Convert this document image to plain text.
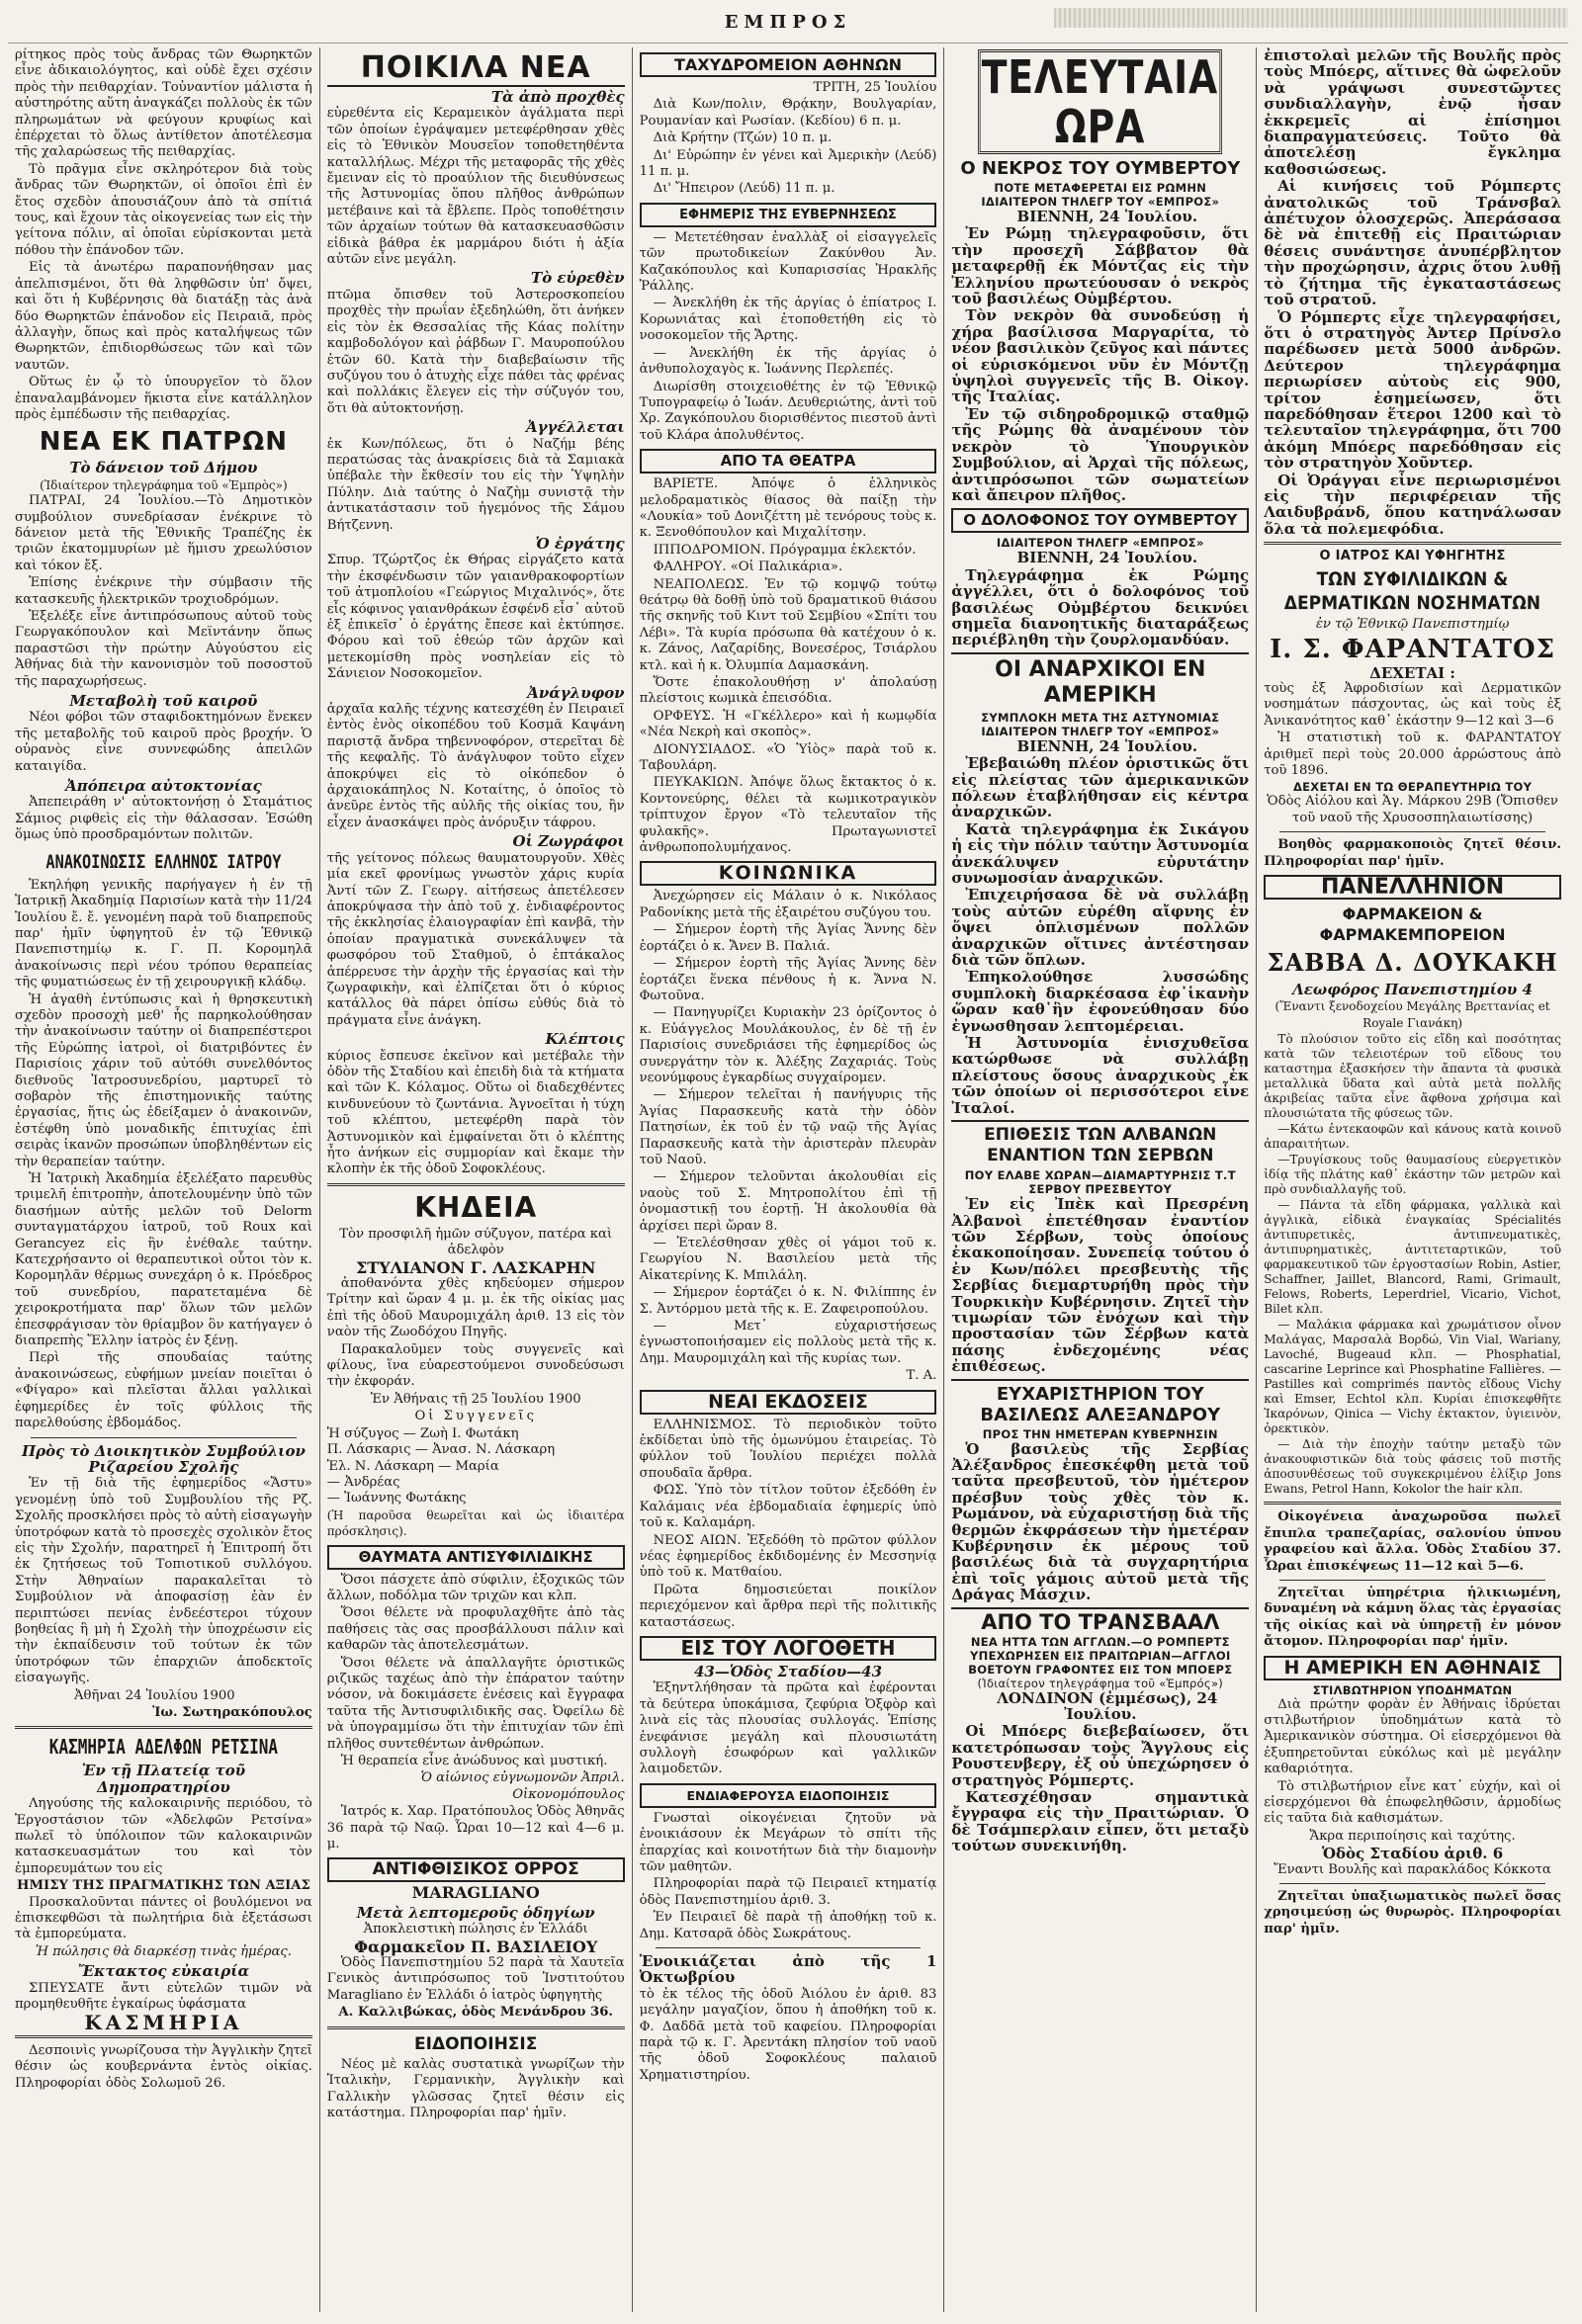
ΕΜΠΡΟΣ

ρίτηκος πρὸς τοὺς ἄνδρας τῶν Θωρηκτῶν εἶνε ἀδικαιολόγητος, καὶ οὐδὲ ἔχει σχέσιν πρὸς τὴν πειθαρχίαν. Τοὐναντίον μάλιστα ἡ αὐστηρότης αὕτη ἀναγκάζει πολλοὺς ἐκ τῶν πληρωμάτων νὰ φεύγουν κρυφίως καὶ ἐπέρχεται τὸ ὅλως ἀντίθετον ἀποτέλεσμα τῆς χαλαρώσεως τῆς πειθαρχίας.

Τὸ πρᾶγμα εἶνε σκληρότερον διὰ τοὺς ἄνδρας τῶν Θωρηκτῶν, οἱ ὁποῖοι ἐπὶ ἐν ἔτος σχεδὸν ἀπουσιάζουν ἀπὸ τὰ σπίτιά τους, καὶ ἔχουν τὰς οἰκογενείας των εἰς τὴν γείτονα πόλιν, αἱ ὁποῖαι εὑρίσκονται μετὰ πόθου τὴν ἐπάνοδον τῶν.

Εἰς τὰ ἀνωτέρω παραπονήθησαν μας ἀπελπισμένοι, ὅτι θὰ ληφθῶσιν ὑπ' ὄψει, καὶ ὅτι ἡ Κυβέρνησις θὰ διατάξῃ τὰς ἀνὰ δύο Θωρηκτῶν ἐπάνοδον εἰς Πειραιᾶ, πρὸς ἀλλαγὴν, ὅπως καὶ πρὸς καταλήψεως τῶν Θωρηκτῶν, ἐπιδιορθώσεως τῶν καὶ τῶν ναυτῶν.

Οὕτως ἐν ᾧ τὸ ὑπουργεῖον τὸ ὅλον ἐπαναλαμβάνομεν ἥκιστα εἶνε κατάλληλον πρὸς ἐμπέδωσιν τῆς πειθαρχίας.

ΝΕΑ ΕΚ ΠΑΤΡΩΝ
Τὸ δάνειον τοῦ Δήμου
(Ἰδιαίτερον τηλεγράφημα τοῦ «Ἐμπρὸς»)

ΠΑΤΡΑΙ, 24 Ἰουλίου.—Τὸ Δημοτικὸν συμβούλιον συνεδρίασαν ἐνέκρινε τὸ δάνειον μετὰ τῆς Ἐθνικῆς Τραπέζης ἐκ τριῶν ἑκατομμυρίων μὲ ἥμισυ χρεωλύσιον καὶ τόκον ἔξ.

Ἐπίσης ἐνέκρινε τὴν σύμβασιν τῆς κατασκευῆς ἠλεκτρικῶν τροχιοδρόμων.

Ἐξελέξε εἶνε ἀντιπρόσωπους αὐτοῦ τοὺς Γεωργακόπουλον καὶ Μεϊντάνην ὅπως παραστῶσι τὴν πρώτην Αὐγούστου εἰς Ἀθήνας διὰ τὴν κανονισμὸν τοῦ ποσοστοῦ τῆς παραχωρήσεως.

Μεταβολὴ τοῦ καιροῦ

Νέοι φόβοι τῶν σταφιδοκτημόνων ἕνεκεν τῆς μεταβολῆς τοῦ καιροῦ πρὸς βροχήν. Ὁ οὐρανὸς εἶνε συννεφώδης ἀπειλῶν καταιγίδα.

Ἀπόπειρα αὐτοκτονίας

Ἀπεπειράθη ν' αὐτοκτονήσῃ ὁ Σταμάτιος Σάμιος ριφθεὶς εἰς τὴν θάλασσαν. Ἐσώθη ὅμως ὑπὸ προσδραμόντων πολιτῶν.

ΑΝΑΚΟΙΝΩΣΙΣ ΕΛΛΗΝΟΣ ΙΑΤΡΟΥ

Ἐκηλήφη γενικῆς παρήγαγεν ἡ ἐν τῇ Ἰατρικῇ Ἀκαδημίᾳ Παρισίων κατὰ τὴν 11/24 Ἰουλίου ἔ. ἔ. γενομένη παρὰ τοῦ διαπρεποῦς παρ' ἡμῖν ὑφηγητοῦ ἐν τῷ Ἐθνικῷ Πανεπιστημίῳ κ. Γ. Π. Κορομηλᾶ ἀνακοίνωσις περὶ νέου τρόπου θεραπείας τῆς φυματιώσεως ἐν τῇ χειρουργικῇ κλάδῳ.

Ἡ ἀγαθὴ ἐντύπωσις καὶ ἡ θρησκευτικὴ σχεδὸν προσοχὴ μεθ' ἧς παρηκολούθησαν τὴν ἀνακοίνωσιν ταύτην οἱ διαπρεπέστεροι τῆς Εὐρώπης ἰατροὶ, οἱ διατριβόντες ἐν Παρισίοις χάριν τοῦ αὐτόθι συνελθόντος διεθνοῦς Ἰατροσυνεδρίου, μαρτυρεῖ τὸ σοβαρὸν τῆς ἐπιστημονικῆς ταύτης ἐργασίας, ἥτις ὡς ἐδείξαμεν ὁ ἀνακοινῶν, ἐστέφθη ὑπὸ μοναδικῆς ἐπιτυχίας ἐπὶ σειρὰς ἱκανῶν προσώπων ὑποβληθέντων εἰς τὴν θεραπείαν ταύτην.

Ἡ Ἰατρικὴ Ἀκαδημία ἐξελέξατο παρευθὺς τριμελῆ ἐπιτροπὴν, ἀποτελουμένην ὑπὸ τῶν διασήμων αὐτῆς μελῶν τοῦ Delorm συνταγματάρχου ἰατροῦ, τοῦ Roux καὶ Gerancyez εἰς ἣν ἐνέθαλε ταύτην. Κατεχρήσαντο οἱ θεραπευτικοὶ οὗτοι τὸν κ. Κορομηλᾶν θέρμως συνεχάρη ὁ κ. Πρόεδρος τοῦ συνεδρίου, παρατεταμένα δὲ χειροκροτήματα παρ' ὅλων τῶν μελῶν ἐπεσφράγισαν τὸν θρίαμβον ὃν κατήγαγεν ὁ διαπρεπὴς Ἕλλην ἰατρὸς ἐν ξένῃ.

Περὶ τῆς σπουδαίας ταύτης ἀνακοινώσεως, εὐφήμων μνείαν ποιεῖται ὁ «Φίγαρο» καὶ πλεῖσται ἄλλαι γαλλικαὶ ἐφημερίδες ἐν τοῖς φύλλοις τῆς παρελθούσης ἑβδομάδος.

Πρὸς τὸ Διοικητικὸν Συμβούλιον Ριζαρείου Σχολῆς

Ἐν τῇ διὰ τῆς ἐφημερίδος «Ἄστυ» γενομένῃ ὑπὸ τοῦ Συμβουλίου τῆς Ρζ. Σχολῆς προσκλήσει πρὸς τὸ αὐτὴ εἰσαγωγὴν ὑποτρόφων κατὰ τὸ προσεχὲς σχολικὸν ἔτος εἰς τὴν Σχολήν, παρατηρεῖ ἡ Ἐπιτροπή ὅτι ἐκ ζητήσεως τοῦ Τοπιοτικοῦ συλλόγου. Στὴν Ἀθηναίων παρακαλεῖται τὸ Συμβούλιον νὰ ἀποφασίσῃ ἐὰν ἐν περιπτώσει πενίας ἐνδεέστεροι τύχουν βοηθείας ἢ μὴ ἡ Σχολὴ τὴν ὑποχρέωσιν εἰς τὴν ἐκπαίδευσιν τοῦ τούτων ἐκ τῶν ὑποτρόφων τῶν ἐπαρχιῶν ἀποδεκτοῖς εἰσαγωγῆς.

Ἀθῆναι 24 Ἰουλίου 1900

Ἰω. Σωτηρακόπουλος

ΚΑΣΜΗΡΙΑ ΑΔΕΛΦΩΝ ΡΕΤΣΙΝΑ
Ἐν τῇ Πλατείᾳ τοῦ Δημοπρατηρίου

Ληγούσης τῆς καλοκαιρινῆς περιόδου, τὸ Ἐργοστάσιον τῶν «Ἀδελφῶν Ρετσίνα» πωλεῖ τὸ ὑπόλοιπον τῶν καλοκαιρινῶν κατασκευασμάτων του καὶ τὸν ἐμπορευμάτων του εἰς

ΗΜΙΣΥ ΤΗΣ ΠΡΑΓΜΑΤΙΚΗΣ ΤΩΝ ΑΞΙΑΣ

Προσκαλοῦνται πάντες οἱ βουλόμενοι να ἐπισκεφθῶσι τὰ πωλητήρια διὰ ἐξετάσωσι τὰ ἐμπορεύματα.

Ἡ πώλησις θὰ διαρκέσῃ τινὰς ἡμέρας.

Ἔκτακτος εὐκαιρία

ΣΠΕΥΣΑΤΕ ἄντι εὐτελῶν τιμῶν νὰ προμηθευθῆτε ἐγκαίρως ὑφάσματα

ΚΑΣΜΗΡΙΑ

Δεσποινὶς γνωρίζουσα τὴν Ἀγγλικὴν ζητεῖ θέσιν ὡς κουβερνάντα ἐντὸς οἰκίας. Πληροφορίαι ὁδὸς Σολωμοῦ 26.

ΠΟΙΚΙΛΑ ΝΕΑ
Τὰ ἀπὸ προχθὲς

εὑρεθέντα εἰς Κεραμεικὸν ἀγάλματα περὶ τῶν ὁποίων ἐγράψαμεν μετεφέρθησαν χθὲς εἰς τὸ Ἐθνικὸν Μουσεῖον τοποθετηθέντα καταλλήλως. Μέχρι τῆς μεταφορᾶς τῆς χθὲς ἔμειναν εἰς τὸ προαύλιον τῆς διευθύνσεως τῆς Ἀστυνομίας ὅπου πλῆθος ἀνθρώπων μετέβαινε καὶ τὰ ἔβλεπε. Πρὸς τοποθέτησιν τῶν ἀρχαίων τούτων θὰ κατασκευασθῶσιν εἰδικὰ βάθρα ἐκ μαρμάρου διότι ἡ ἀξία αὐτῶν εἶνε μεγάλη.

Τὸ εὑρεθὲν

πτῶμα ὄπισθεν τοῦ Ἀστεροσκοπείου προχθὲς τὴν πρωΐαν ἐξεδηλώθη, ὅτι ἀνήκεν εἰς τὸν ἐκ Θεσσαλίας τῆς Κάας πολίτην καμβοδολόγον καὶ ῥάβδων Γ. Μαυροπούλου ἐτῶν 60. Κατὰ τὴν διαβεβαίωσιν τῆς συζύγου του ὁ ἀτυχὴς εἶχε πάθει τὰς φρένας καὶ πολλάκις ἔλεγεν εἰς τὴν σύζυγόν του, ὅτι θὰ αὐτοκτονήσῃ.

Ἀγγέλλεται

ἐκ Κων/πόλεως, ὅτι ὁ Ναζήμ βέης περατώσας τὰς ἀνακρίσεις διὰ τὰ Σαμιακὰ ὑπέβαλε τὴν ἔκθεσίν του εἰς τὴν Ὑψηλὴν Πύλην. Διὰ ταύτης ὁ Ναζὴμ συνιστᾷ τὴν ἀντικατάστασιν τοῦ ἡγεμόνος τῆς Σάμου Βήτζεννη.

Ὁ ἐργάτης

Σπυρ. Τζώρτζος ἐκ Θήρας εἰργάζετο κατὰ τὴν ἐκσφένδωσιν τῶν γαιανθρακοφορτίων τοῦ ἀτμοπλοίου «Γεώργιος Μιχαλινός», ὅτε εἶς κόφινος γαιανθράκων ἐσφένδ εἶσ᾽ αὐτοῦ ἐξ ἐπικεῖσ᾽ ὁ ἐργάτης ἔπεσε καὶ ἐκτύπησε. Φόρου καὶ τοῦ ἐθεώρ τῶν ἀρχῶν καὶ μετεκομίσθη πρὸς νοσηλείαν εἰς τὸ Σάνιειον Νοσοκομεῖον.

Ἀνάγλυφον

ἀρχαῖα καλῆς τέχνης κατεσχέθη ἐν Πειραιεῖ ἐντὸς ἑνὸς οἰκοπέδου τοῦ Κοσμᾶ Καψάνη παριστᾷ ἄνδρα τηβεννοφόρον, στερεῖται δὲ τῆς κεφαλῆς. Τὸ ἀνάγλυφον τοῦτο εἶχεν ἀποκρύψει εἰς τὸ οἰκόπεδον ὁ ἀρχαιοκάπηλος Ν. Κοταίτης, ὁ ὁποῖος τὸ ἀνεῦρε ἐντὸς τῆς αὐλῆς τῆς οἰκίας του, ἢν εἶχεν ἀνασκάψει πρὸς ἀνόρυξιν τάφρου.

Οἱ Ζωγράφοι

τῆς γείτονος πόλεως θαυματουργοῦν. Χθὲς μία εκεῖ φρονίμως γνωστὸν χάρις κυρία Ἀντί τῶν Ζ. Γεωργ. αἰτήσεως ἀπετέλεσεν ἀποκρύψασα τὴν ἀπὸ τοῦ χ. ἐνδιαφέροντος τῆς ἐκκλησίας ἐλαιογραφίαν ἐπὶ κανβᾶ, τὴν ὁποίαν πραγματικὰ συνεκάλυψεν τὰ φωσφόρου τοῦ Σταθμοῦ, ὁ ἐπτάκαλος ἀπέρρευσε τὴν ἀρχὴν τῆς ἐργασίας καὶ τὴν ζωγραφικὴν, καὶ ἐλπίζεται ὅτι ὁ κύριος κατάλλος θὰ πάρει ὀπίσω εὐθύς διὰ τὸ πράγματα εἶνε ἀνάγκη.

Κλέπτοις

κύριος ἔσπευσε ἐκεῖνον καὶ μετέβαλε τὴν ὁδὸν τῆς Σταδίου καὶ ἐπειδὴ διὰ τὰ κτήματα καὶ τῶν Κ. Κόλαμος. Οὕτω οἱ διαδεχθέντες κινδυνεύουν τὸ ζωντάνια. Ἀγνοεῖται ἡ τύχη τοῦ κλέπτου, μετεφέρθη παρὰ τὸν Ἀστυνομικὸν καὶ ἐμφαίνεται ὅτι ὁ κλέπτης ἦτο ἀνήκων εἰς συμμορίαν καὶ ἔκαμε τὴν κλοπὴν ἐκ τῆς ὁδοῦ Σοφοκλέους.

ΚΗΔΕΙΑ

Τὸν προσφιλῆ ἡμῶν σύζυγον, πατέρα καὶ ἀδελφὸν

ΣΤΥΛΙΑΝΟΝ Γ. ΛΑΣΚΑΡΗΝ

ἀποθανόντα χθὲς κηδεύομεν σήμερον Τρίτην καὶ ὥραν 4 μ. μ. ἐκ τῆς οἰκίας μας ἐπὶ τῆς ὁδοῦ Μαυρομιχάλη ἀριθ. 13 εἰς τὸν ναὸν τῆς Ζωοδόχου Πηγῆς.

Παρακαλοῦμεν τοὺς συγγενεῖς καὶ φίλους, ἵνα εὐαρεστούμενοι συνοδεύσωσι τὴν ἐκφοράν.

Ἐν Ἀθήναις τῇ 25 Ἰουλίου 1900

Οἱ Συγγενεῖς

Ἡ σύζυγος — Ζωὴ Ι. Φωτάκη
Π. Λάσκαρις — Ἀνασ. Ν. Λάσκαρη
Ἐλ. Ν. Λάσκαρη — Μαρία
— Ἀνδρέας
— Ἰωάννης Φωτάκης

(Ἡ παροῦσα θεωρεῖται καὶ ὡς ἰδιαιτέρα πρόσκλησις).

ΘΑΥΜΑΤΑ ΑΝΤΙΣΥΦΙΛΙΔΙΚΗΣ

Ὅσοι πάσχετε ἀπὸ σύφιλιν, ἐξοχικῶς τῶν ἄλλων, ποδόλμα τῶν τριχῶν και κλπ.

Ὅσοι θέλετε νὰ προφυλαχθῆτε ἀπὸ τὰς παθήσεις τὰς σας προσβάλλουσι πάλιν καὶ καθαρῶν τὰς ἀποτελεσμάτων.

Ὅσοι θέλετε νὰ ἀπαλλαγῆτε ὁριστικῶς ριζικῶς ταχέως ἀπὸ τὴν ἐπάρατον ταύτην νόσον, νὰ δοκιμάσετε ἐνέσεις καὶ ἔγγραφα ταῦτα τῆς Ἀντισυφιλιδικῆς σας. Ὀφείλω δὲ νὰ ὑπογραμμίσω ὅτι τὴν ἐπιτυχίαν τῶν ἐπὶ πλῆθος συντεθέντων ἀνθρώπων.

Ἡ θεραπεία εἶνε ἀνώδυνος καὶ μυστική.

Ὁ αἰώνιος εὐγνωμονῶν Ἀπριλ. Οἰκονομόπουλος

Ἰατρός κ. Χαρ. Πρατόπουλος Ὁδὸς Ἀθηνᾶς 36 παρὰ τῷ Ναῷ. Ὧραι 10—12 καὶ 4—6 μ. μ.

ΑΝΤΙΦΘΙΣΙΚΟΣ ΟΡΡΟΣ
MARAGLIANO
Μετὰ λεπτομεροῦς ὁδηγίων

Ἀποκλειστικὴ πώλησις ἐν Ἑλλάδι

Φαρμακεῖον Π. ΒΑΣΙΛΕΙΟΥ

Ὁδὸς Πανεπιστημίου 52 παρὰ τὰ Χαυτεῖα Γενικὸς ἀντιπρόσωπος τοῦ Ἰνστιτούτου Maragliano ἐν Ἑλλάδι ὁ ἰατρὸς ὑφηγητὴς

Α. Καλλιβώκας, ὁδὸς Μενάνδρου 36.
ΕΙΔΟΠΟΙΗΣΙΣ

Νέος μὲ καλὰς συστατικὰ γνωρίζων τὴν Ἰταλικὴν, Γερμανικὴν, Ἀγγλικὴν καὶ Γαλλικὴν γλῶσσας ζητεῖ θέσιν εἰς κατάστημα. Πληροφορίαι παρ' ἡμῖν.

ΤΑΧΥΔΡΟΜΕΙΟΝ ΑΘΗΝΩΝ

ΤΡΙΤΗ, 25 Ἰουλίου

Διὰ Κων/πολιν, Θρᾴκην, Βουλγαρίαν, Ρουμανίαν καὶ Ρωσίαν. (Κεδίου) 6 π. μ.

Διὰ Κρήτην (Τζών) 10 π. μ.

Δι' Εὐρώπην ἐν γένει καὶ Ἀμερικὴν (Λεύδ) 11 π. μ.

Δι' Ἤπειρον (Λεύδ) 11 π. μ.

ΕΦΗΜΕΡΙΣ ΤΗΣ ΕΥΒΕΡΝΗΣΕΩΣ

— Μετετέθησαν ἐναλλὰξ οἱ εἰσαγγελεῖς τῶν πρωτοδικείων Ζακύνθου Ἀν. Καζακόπουλος καὶ Κυπαρισσίας Ἠρακλῆς Ῥάλλης.

— Ἀνεκλήθη ἐκ τῆς ἀργίας ὁ ἐπίατρος Ι. Κορωνιάτας καὶ ἐτοποθετήθη εἰς τὸ νοσοκομεῖον τῆς Ἄρτης.

— Ἀνεκλήθη ἐκ τῆς ἀργίας ὁ ἀνθυπολοχαγὸς κ. Ἰωάννης Περλεπές.

Διωρίσθη στοιχειοθέτης ἐν τῷ Ἐθνικῷ Τυπογραφείῳ ὁ Ἰωάν. Δευθεριώτης, ἀντὶ τοῦ Χρ. Ζαγκόπουλου διορισθέντος πιεστοῦ ἀντὶ τοῦ Κλάρα ἀπολυθέντος.

ΑΠΟ ΤΑ ΘΕΑΤΡΑ

ΒΑΡΙΕΤΕ. Ἀπόψε ὁ ἑλληνικὸς μελοδραματικὸς θίασος θὰ παίξῃ τὴν «Λουκία» τοῦ Δονιζέττη μὲ τενόρους τοὺς κ. κ. Ξενοθόπουλον καὶ Μιχαλίτσην.

ΙΠΠΟΔΡΟΜΙΟΝ. Πρόγραμμα ἐκλεκτόν.

ΦΑΛΗΡΟΥ. «Οἱ Παλικάρια».

ΝΕΑΠΟΛΕΩΣ. Ἐν τῷ κομψῷ τούτῳ θεάτρῳ θὰ δοθῇ ὑπὸ τοῦ δραματικοῦ θιάσου τῆς σκηνῆς τοῦ Κιντ τοῦ Σεμβίου «Σπίτι του Λέβι». Τὰ κυρία πρόσωπα θὰ κατέχουν ὁ κ. κ. Ζάνος, Λαζαρίδης, Βονεσέρος, Τσιάρλου κτλ. καὶ ἡ κ. Ὀλυμπία Δαμασκάνη.

Ὅστε ἐπακολουθήσῃ ν' ἀπολαύσῃ πλείστοις κωμικὰ ἐπεισόδια.

ΟΡΦΕΥΣ. Ἡ «Γκέλλερο» καὶ ἡ κωμῳδία «Νέα Νεκρὴ καὶ σκοπὸς».

ΔΙΟΝΥΣΙΑΔΟΣ. «Ὁ Ὑἰὸς» παρὰ τοῦ κ. Ταβουλάρη.

ΠΕΥΚΑΚΙΩΝ. Ἀπόψε ὅλως ἔκτακτος ὁ κ. Κοντονεύρης, θέλει τὰ κωμικοτραγικὸν τρίπτυχον ἔργον «Τὸ τελευταῖον τῆς φυλακῆς». Πρωταγωνιστεῖ ἀνθρωποπολυμήχανος.

ΚΟΙΝΩΝΙΚΑ

Ἀνεχώρησεν εἰς Μάλαιν ὁ κ. Νικόλαος Ραδονίκης μετὰ τῆς ἐξαιρέτου συζύγου του.

— Σήμερον ἑορτὴ τῆς Ἁγίας Ἄννης δὲν ἑορτάζει ὁ κ. Ἄνεν Β. Παλιά.

— Σήμερον ἑορτὴ τῆς Ἁγίας Ἄννης δὲν ἑορτάζει ἕνεκα πένθους ἡ κ. Ἄννα Ν. Φωτοῦνα.

— Πανηγυρίζει Κυριακὴν 23 ὁρίζοντος ὁ κ. Εὐάγγελος Μουλάκουλος, ἐν δὲ τῇ ἐν Παρισίοις συνεδριάσει τῆς ἐφημερίδος ὡς συνεργάτην τὸν κ. Ἀλέξης Ζαχαριάς. Τοὺς νεονύμφους ἐγκαρδίως συγχαίρομεν.

— Σήμερον τελεῖται ἡ πανήγυρις τῆς Ἁγίας Παρασκευῆς κατὰ τὴν ὁδὸν Πατησίων, ἐκ τοῦ ἐν τῷ ναῷ τῆς Ἁγίας Παρασκευῆς κατὰ τὴν ἀριστερὰν πλευρὰν τοῦ Ναοῦ.

— Σήμερον τελοῦνται ἀκολουθίαι εἰς ναοὺς τοῦ Σ. Μητροπολίτου ἐπὶ τῇ ὀνομαστικῇ του ἑορτῇ. Ἡ ἀκολουθία θὰ ἀρχίσει περὶ ὥραν 8.

— Ἐτελέσθησαν χθὲς οἱ γάμοι τοῦ κ. Γεωργίου Ν. Βασιλείου μετὰ τῆς Αἰκατερίνης Κ. Μπιλάλη.

— Σήμερον ἑορτάζει ὁ κ. Ν. Φιλίππης ἐν Σ. Ἀντόρμου μετὰ τῆς κ. Ε. Ζαφειροπούλου.

— Μετ᾽ εὐχαριστήσεως ἐγνωστοποιήσαμεν εἰς πολλοὺς μετὰ τῆς κ. Δημ. Μαυρομιχάλη καὶ τῆς κυρίας των.

Τ. Α.

ΝΕΑΙ ΕΚΔΟΣΕΙΣ

ΕΛΛΗΝΙΣΜΟΣ. Τὸ περιοδικὸν τοῦτο ἐκδίδεται ὑπὸ τῆς ὁμωνύμου ἑταιρείας. Τὸ φύλλον τοῦ Ἰουλίου περιέχει πολλὰ σπουδαῖα ἄρθρα.

ΦΩΣ. Ὑπὸ τὸν τίτλον τοῦτον ἐξεδόθη ἐν Καλάμαις νέα ἑβδομαδιαία ἐφημερίς ὑπὸ τοῦ κ. Καλαμάρη.

ΝΕΟΣ ΑΙΩΝ. Ἐξεδόθη τὸ πρῶτον φύλλον νέας ἐφημερίδος ἐκδιδομένης ἐν Μεσσηνίᾳ ὑπὸ τοῦ κ. Ματθαίου.

Πρῶτα δημοσιεύεται ποικίλον περιεχόμενον καὶ ἄρθρα περὶ τῆς πολιτικῆς καταστάσεως.

ΕΙΣ ΤΟΥ ΛΟΓΟΘΕΤΗ
43—Ὁδὸς Σταδίου—43

Ἐξηντλήθησαν τὰ πρῶτα καὶ ἐφέρονται τὰ δεύτερα ὑποκάμισα, ζεφύρια Ὀξφὸρ καὶ λινὰ εἰς τὰς πλουσίας συλλογάς. Ἐπίσης ἐνεφάνισε μεγάλη καὶ πλουσιωτάτη συλλογὴ ἐσωφόρων καὶ γαλλικῶν λαιμοδετῶν.

ΕΝΔΙΑΦΕΡΟΥΣΑ ΕΙΔΟΠΟΙΗΣΙΣ

Γνωσταὶ οἰκογένειαι ζητοῦν νὰ ἐνοικιάσουν ἐκ Μεγάρων τὸ σπίτι τῆς ἐπαρχίας καὶ κοινοτήτων διὰ τὴν διαμονὴν τῶν μαθητῶν.

Πληροφορίαι παρὰ τῷ Πειραιεῖ κτηματίᾳ ὁδὸς Πανεπιστημίου ἀριθ. 3.

Ἐν Πειραιεῖ δὲ παρὰ τῇ ἀποθήκῃ τοῦ κ. Δημ. Κατσαρᾶ ὁδὸς Σωκράτους.

Ἐνοικιάζεται ἀπὸ τῆς 1 Ὀκτωβρίου

τὸ ἐκ τέλος τῆς ὁδοῦ Ἀιόλου ἐν ἀριθ. 83 μεγάλην μαγαζίον, ὅπου ἡ ἀποθήκη τοῦ κ. Φ. Δαδδᾶ μετὰ τοῦ καφείου. Πληροφορίαι παρὰ τῷ κ. Γ. Ἀρεντάκη πλησίον τοῦ ναοῦ τῆς ὁδοῦ Σοφοκλέους παλαιοῦ Χρηματιστηρίου.

ΤΕΛΕΥΤΑΙΑ ΩΡΑ
Ο ΝΕΚΡΟΣ ΤΟΥ ΟΥΜΒΕΡΤΟΥ
ΠΟΤΕ ΜΕΤΑΦΕΡΕΤΑΙ ΕΙΣ ΡΩΜΗΝ
ΙΔΙΑΙΤΕΡΟΝ ΤΗΛΕΓΡ ΤΟΥ «ΕΜΠΡΟΣ»

ΒΙΕΝΝΗ, 24 Ἰουλίου.

Ἐν Ρώμῃ τηλεγραφοῦσιν, ὅτι τὴν προσεχῆ Σάββατον θὰ μεταφερθῇ ἐκ Μόντζας εἰς τὴν Ἑλληνίου πρωτεύουσαν ὁ νεκρὸς τοῦ βασιλέως Οὐμβέρτου.

Τὸν νεκρὸν θὰ συνοδεύσῃ ἡ χήρα βασίλισσα Μαργαρίτα, τὸ νέον βασιλικὸν ζεῦγος καὶ πάντες οἱ εὑρισκόμενοι νῦν ἐν Μόντζῃ ὑψηλοὶ συγγενεῖς τῆς Β. Οἰκογ. τῆς Ἰταλίας.

Ἐν τῷ σιδηροδρομικῷ σταθμῷ τῆς Ρώμης θὰ ἀναμένουν τὸν νεκρὸν τὸ Ὑπουργικὸν Συμβούλιον, αἱ Ἀρχαὶ τῆς πόλεως, ἀντιπρόσωποι τῶν σωματείων καὶ ἄπειρον πλῆθος.

Ο ΔΟΛΟΦΟΝΟΣ ΤΟΥ ΟΥΜΒΕΡΤΟΥ
ΙΔΙΑΙΤΕΡΟΝ ΤΗΛΕΓΡ «ΕΜΠΡΟΣ»

ΒΙΕΝΝΗ, 24 Ἰουλίου.

Τηλεγράφημα ἐκ Ρώμης ἀγγέλλει, ὅτι ὁ δολοφόνος τοῦ βασιλέως Οὐμβέρτου δεικνύει σημεῖα διανοητικῆς διαταράξεως περιέβληθη τὴν ζουρλομανδύαν.

ΟΙ ΑΝΑΡΧΙΚΟΙ ΕΝ ΑΜΕΡΙΚΗ
ΣΥΜΠΛΟΚΗ ΜΕΤΑ ΤΗΣ ΑΣΤΥΝΟΜΙΑΣ
ΙΔΙΑΙΤΕΡΟΝ ΤΗΛΕΓΡ ΤΟΥ «ΕΜΠΡΟΣ»

ΒΙΕΝΝΗ, 24 Ἰουλίου.

Ἐβεβαιώθη πλέον ὁριστικῶς ὅτι εἰς πλείστας τῶν ἀμερικανικῶν πόλεων ἐταβλήθησαν εἰς κέντρα ἀναρχικῶν.

Κατὰ τηλεγράφημα ἐκ Σικάγου ἡ εἰς τὴν πόλιν ταύτην Ἀστυνομία ἀνεκάλυψεν εὐρυτάτην συνωμοσίαν ἀναρχικῶν.

Ἐπιχειρήσασα δὲ νὰ συλλάβῃ τοὺς αὐτῶν εὑρέθη αἴφνης ἐν ὅψει ὁπλισμένων πολλῶν ἀναρχικῶν οἵτινες ἀντέστησαν διὰ τῶν ὅπλων.

Ἐπηκολούθησε λυσσώδης συμπλοκὴ διαρκέσασα ἐφ᾿ἱκανὴν ὥραν καθ᾿ἣν ἐφονεύθησαν δύο ἐγνωσθησαν λεπτομέρειαι.

Ἡ Ἀστυνομία ἐνισχυθεῖσα κατώρθωσε νὰ συλλάβῃ πλείστους ὅσους ἀναρχικοὺς ἐκ τῶν ὁποίων οἱ περισσότεροι εἶνε Ἰταλοί.

ΕΠΙΘΕΣΙΣ ΤΩΝ ΑΛΒΑΝΩΝ ΕΝΑΝΤΙΟΝ ΤΩΝ ΣΕΡΒΩΝ
ΠΟΥ ΕΛΑΒΕ ΧΩΡΑΝ—ΔΙΑΜΑΡΤΥΡΗΣΙΣ Τ.Τ ΣΕΡΒΟΥ ΠΡΕΣΒΕΥΤΟΥ

Ἐν εἰς Ἰπὲκ καὶ Πρεσρένη Ἀλβανοὶ ἐπετέθησαν ἐναντίον τῶν Σέρβων, τοὺς ὁποίους ἐκακοποίησαν. Συνεπείᾳ τούτου ὁ ἐν Κων/πόλει πρεσβευτὴς τῆς Σερβίας διεμαρτυρήθη πρὸς τὴν Τουρκικὴν Κυβέρνησιν. Ζητεῖ τὴν τιμωρίαν τῶν ἐνόχων καὶ τὴν προστασίαν τῶν Σέρβων κατὰ πάσης ἐνδεχομένης νέας ἐπιθέσεως.

ΕΥΧΑΡΙΣΤΗΡΙΟΝ ΤΟΥ ΒΑΣΙΛΕΩΣ ΑΛΕΞΑΝΔΡΟΥ
ΠΡΟΣ ΤΗΝ ΗΜΕΤΕΡΑΝ ΚΥΒΕΡΝΗΣΙΝ

Ὁ βασιλεὺς τῆς Σερβίας Ἀλέξανδρος ἐπεσκέφθη μετὰ τοῦ ταῦτα πρεσβευτοῦ, τὸν ἡμέτερον πρέσβυν τοὺς χθὲς τὸν κ. Ρωμάνον, νὰ εὐχαριστήσῃ διὰ τῆς θερμῶν ἐκφράσεων τὴν ἡμετέραν Κυβέρνησιν ἐκ μέρους τοῦ βασιλέως διὰ τὰ συγχαρητήρια ἐπὶ τοῖς γάμοις αὐτοῦ μετὰ τῆς Δράγας Μάσχιν.

ΑΠΟ ΤΟ ΤΡΑΝΣΒΑΑΛ
ΝΕΑ ΗΤΤΑ ΤΩΝ ΑΓΓΛΩΝ.—Ο ΡΟΜΠΕΡΤΣ ΥΠΕΧΩΡΗΣΕΝ ΕΙΣ ΠΡΑΙΤΩΡΙΑΝ—ΑΓΓΛΟΙ ΒΟΕΤΟΥΝ ΓΡΑΦΟΝΤΕΣ ΕΙΣ ΤΟΝ ΜΠΟΕΡΣ
(Ἰδιαίτερον τηλεγράφημα τοῦ «Ἐμπρός»)

ΛΟΝΔΙΝΟΝ (ἐμμέσως), 24 Ἰουλίου.

Οἱ Μπόερς διεβεβαίωσεν, ὅτι κατετρόπωσαν τοὺς Ἄγγλους εἰς Ρουστενβεργ, ἐξ οὗ ὑπεχώρησεν ὁ στρατηγὸς Ρόμπερτς.

Κατεσχέθησαν σημαντικὰ ἔγγραφα εἰς τὴν Πραιτώριαν. Ὁ δὲ Τσάμπερλαιν εἶπεν, ὅτι μεταξὺ τούτων συνεκινήθη.

ἐπιστολαὶ μελῶν τῆς Βουλῆς πρὸς τοὺς Μπόερς, αἵτινες θὰ ὠφελοῦν νὰ γράψωσι συνεστῶντες συνδιαλλαγὴν, ἐνῷ ἦσαν ἐκκρεμεῖς αἱ ἐπίσημοι διαπραγματεύσεις. Τοῦτο θὰ ἀποτελέσῃ ἔγκλημα καθοσιώσεως.

Αἱ κινήσεις τοῦ Ρόμπερτς ἀνατολικῶς τοῦ Τράνσβαλ ἀπέτυχον ὁλοσχερῶς. Ἀπεράσασα δὲ νὰ ἐπιτεθῇ εἰς Πραιτώριαν θέσεις συνάντησε ἀνυπέρβλητον τὴν προχώρησιν, ἀχρις ὅτου λυθῇ τὸ ζήτημα τῆς ἐγκαταστάσεως τοῦ στρατοῦ.

Ὁ Ρόμπερτς εἶχε τηλεγραφήσει, ὅτι ὁ στρατηγὸς Ἀντερ Πρίνσλο παρέδωσεν μετὰ 5000 ἀνδρῶν. Δεύτερον τηλεγράφημα περιωρίσεν αὐτοὺς εἰς 900, τρίτον ἐσημείωσεν, ὅτι παρεδόθησαν ἕτεροι 1200 καὶ τὸ τελευταῖον τηλεγράφημα, ὅτι 700 ἀκόμη Μπόερς παρεδόθησαν εἰς τὸν στρατηγὸν Χοῦντερ.

Οἱ Ὀράγγαι εἶνε περιωρισμένοι εἰς τὴν περιφέρειαν τῆς Λαιδυβράνδ, ὅπου κατηνάλωσαν ὅλα τὰ πολεμεφόδια.

Ο ΙΑΤΡΟΣ ΚΑΙ ΥΦΗΓΗΤΗΣ
ΤΩΝ ΣΥΦΙΛΙΔΙΚΩΝ & ΔΕΡΜΑΤΙΚΩΝ ΝΟΣΗΜΑΤΩΝ
ἐν τῷ Ἐθνικῷ Πανεπιστημίῳ
Ι. Σ. ΦΑΡΑΝΤΑΤΟΣ
ΔΕΧΕΤΑΙ :

τοὺς ἐξ Ἀφροδισίων καὶ Δερματικῶν νοσημάτων πάσχοντας, ὡς καὶ τοὺς ἐξ Ἀνικανότητος καθ᾿ ἑκάστην 9—12 καὶ 3—6

Ἡ στατιστικὴ τοῦ κ. ΦΑΡΑΝΤΑΤΟΥ ἀριθμεῖ περὶ τοὺς 20.000 ἀρρώστους ἀπὸ τοῦ 1896.

ΔΕΧΕΤΑΙ ΕΝ ΤΩ ΘΕΡΑΠΕΥΤΗΡΙΩ ΤΟΥ

Ὁδὸς Αἰόλου καὶ Ἁγ. Μάρκου 29Β (Ὄπισθεν τοῦ ναοῦ τῆς Χρυσοσπηλαιωτίσσης)

Βοηθὸς φαρμακοποιὸς ζητεῖ θέσιν. Πληροφορίαι παρ' ἡμῖν.

ΠΑΝΕΛΛΗΝΙΟΝ
ΦΑΡΜΑΚΕΙΟΝ & ΦΑΡΜΑΚΕΜΠΟΡΕΙΟΝ
ΣΑΒΒΑ Δ. ΔΟΥΚΑΚΗ
Λεωφόρος Πανεπιστημίου 4

(Ἔναντι ξενοδοχείου Μεγάλης Βρεττανίας et Royale Γιανάκη)

Τὸ πλούσιον τοῦτο εἰς εἴδη καὶ ποσότητας κατὰ τῶν τελειοτέρων τοῦ εἴδους του καταστημα ἐξασκήσεν τὴν ἄπαντα τὰ φυσικὰ μεταλλικὰ ὕδατα καὶ αὐτὰ μετὰ πολλῆς ἀκριβείας ταῦτα εἶνε ἄφθονα χρήσιμα καὶ πλουσιώτατα τῆς φύσεως τῶν.

—Κάτω ἐντεκαοφῶν καὶ κάνους κατὰ κοινοῦ ἀπαραιτήτων.

—Τρυγίσκους τοῦς θαυμασίους εὐεργετικὸν ἰδίᾳ τῆς πλάτης καθ᾿ ἑκάστην τῶν μετρῶν καὶ πρὸ συνδιαλλαγῆς τοῦ.

— Πάντα τὰ εἴδη φάρμακα, γαλλικὰ καὶ ἀγγλικὰ, εἰδικὰ ἐναγκαίας Spécialités ἀντιπυρετικὲς, ἀντιπνευματικὲς, ἀντιπυρηματικὲς, ἀντιτεταρτικῶν, τοῦ φαρμακευτικοῦ τῶν ἐργοστασίων Robin, Astier, Schaffner, Jaillet, Blancord, Rami, Grimault, Felows, Roberts, Leperdriel, Vicario, Vichot, Bilet κλπ.

— Μαλάκια φάρμακα καὶ χρωμάτισον οἶνον Μαλάγας, Μαρσαλὰ Βορδώ, Vin Vial, Wariany, Lavoché, Bugeaud κλπ. — Phosphatial, cascarine Leprince καὶ Phosphatine Fallières. — Pastilles καὶ comprimés παντὸς εἴδους Vichy καὶ Emser, Echtol κλπ. Κυρίαι ἐπισκεφθῆτε Ἰκαρόνων, Qinica — Vichy ἐκτακτον, ὑγιεινὸν, ὀρεκτικὸν.

— Διὰ τὴν ἐποχὴν ταύτην μεταξὺ τῶν ἀνακουφιστικῶν διὰ τοὺς φάσεις τοῦ πιστῆς ἀποσυνθέσεως τοῦ συγκεκριμένου ἐλίξιρ Jons Ewans, Petrol Hann, Kokolor the hair κλπ.

Οἰκογένεια ἀναχωροῦσα πωλεῖ ἔπιπλα τραπεζαρίας, σαλονίου ὑπνου γραφείου καὶ ἄλλα. Ὁδὸς Σταδίου 37. Ὧραι ἐπισκέψεως 11—12 καὶ 5—6.

Ζητεῖται ὑπηρέτρια ἡλικιωμένη, δυναμένη νὰ κάμνη ὅλας τὰς ἐργασίας τῆς οἰκίας καὶ νὰ ὑπηρετῇ ἐν μόνον ἄτομον. Πληροφορίαι παρ' ἡμῖν.

Η ΑΜΕΡΙΚΗ ΕΝ ΑΘΗΝΑΙΣ
ΣΤΙΛΒΩΤΗΡΙΟΝ ΥΠΟΔΗΜΑΤΩΝ

Διὰ πρώτην φορὰν ἐν Ἀθήναις ἱδρύεται στιλβωτήριον ὑποδημάτων κατὰ τὸ Ἀμερικανικὸν σύστημα. Οἱ εἰσερχόμενοι θὰ ἐξυπηρετοῦνται εὐκόλως καὶ μὲ μεγάλην καθαριότητα.

Τὸ στιλβωτήριον εἶνε κατ᾿ εὐχήν, καὶ οἱ εἰσερχόμενοι θὰ ἐπωφεληθῶσιν, ἀρμοδίως εἰς ταῦτα διὰ καθισμάτων.

Ἄκρα περιποίησις καὶ ταχύτης.

Ὁδὸς Σταδίου ἀριθ. 6

Ἔναντι Βουλῆς καὶ παρακλάδος Κόκκοτα

Ζητεῖται ὑπαξιωματικὸς πωλεῖ ὅσας χρησιμεύσῃ ὡς θυρωρὸς. Πληροφορίαι παρ' ἡμῖν.
